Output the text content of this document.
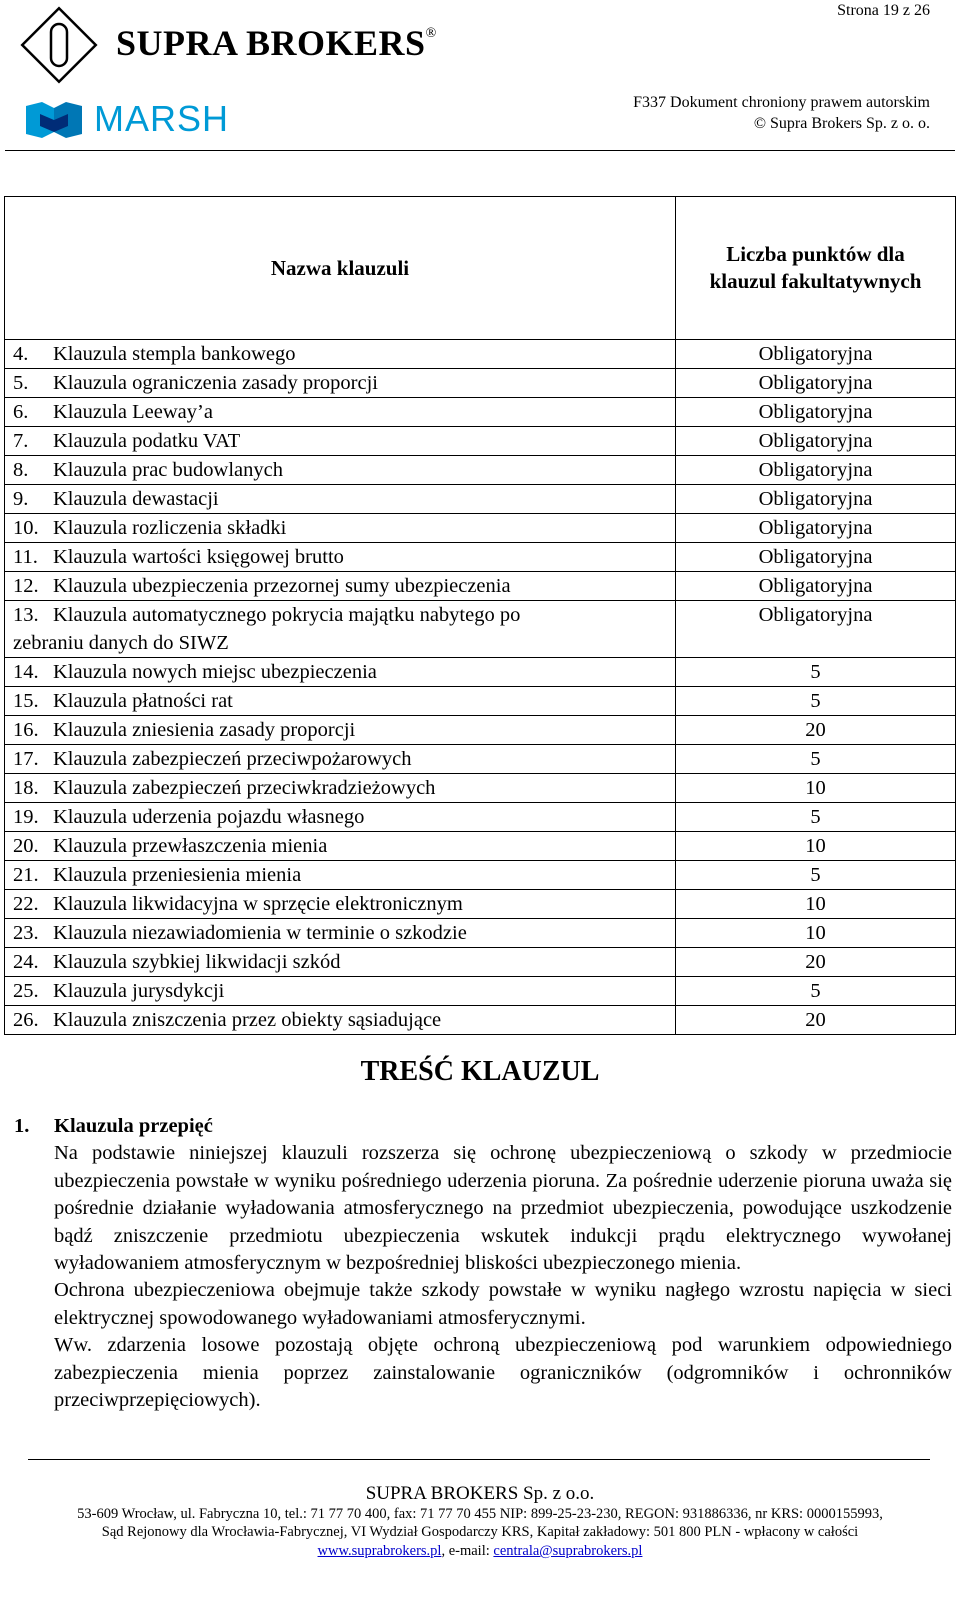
SUPRA BROKERS®
MARSH
Strona 19 z 26
F337 Dokument chroniony prawem autorskim
© Supra Brokers Sp. z o. o.
Nazwa klauzuli	Liczba punktów dla
klauzul fakultatywnych
4. Klauzula stempla bankowego	Obligatoryjna
5. Klauzula ograniczenia zasady proporcji	Obligatoryjna
6. Klauzula Leeway’a	Obligatoryjna
7. Klauzula podatku VAT	Obligatoryjna
8. Klauzula prac budowlanych	Obligatoryjna
9. Klauzula dewastacji	Obligatoryjna
10. Klauzula rozliczenia składki	Obligatoryjna
11. Klauzula wartości księgowej brutto	Obligatoryjna
12. Klauzula ubezpieczenia przezornej sumy ubezpieczenia	Obligatoryjna
13. Klauzula automatycznego pokrycia majątku nabytego po
zebraniu danych do SIWZ	Obligatoryjna
14. Klauzula nowych miejsc ubezpieczenia	5
15. Klauzula płatności rat	5
16. Klauzula zniesienia zasady proporcji	20
17. Klauzula zabezpieczeń przeciwpożarowych	5
18. Klauzula zabezpieczeń przeciwkradzieżowych	10
19. Klauzula uderzenia pojazdu własnego	5
20. Klauzula przewłaszczenia mienia	10
21. Klauzula przeniesienia mienia	5
22. Klauzula likwidacyjna w sprzęcie elektronicznym	10
23. Klauzula niezawiadomienia w terminie o szkodzie	10
24. Klauzula szybkiej likwidacji szkód	20
25. Klauzula jurysdykcji	5
26. Klauzula zniszczenia przez obiekty sąsiadujące	20
TREŚĆ KLAUZUL
1. Klauzula przepięć

Na podstawie niniejszej klauzuli rozszerza się ochronę ubezpieczeniową o szkody w przedmiocie ubezpieczenia powstałe w wyniku pośredniego uderzenia pioruna. Za pośrednie uderzenie pioruna uważa się pośrednie działanie wyładowania atmosferycznego na przedmiot ubezpieczenia, powodujące uszkodzenie bądź zniszczenie przedmiotu ubezpieczenia wskutek indukcji prądu elektrycznego wywołanej wyładowaniem atmosferycznym w bezpośredniej bliskości ubezpieczonego mienia.

Ochrona ubezpieczeniowa obejmuje także szkody powstałe w wyniku nagłego wzrostu napięcia w sieci elektrycznej spowodowanego wyładowaniami atmosferycznymi.

Ww. zdarzenia losowe pozostają objęte ochroną ubezpieczeniową pod warunkiem odpowiedniego zabezpieczenia mienia poprzez zainstalowanie ograniczników (odgromników i ochronników przeciwprzepięciowych).

SUPRA BROKERS Sp. z o.o.
53-609 Wrocław, ul. Fabryczna 10, tel.: 71 77 70 400, fax: 71 77 70 455 NIP: 899-25-23-230, REGON: 931886336, nr KRS: 0000155993,
Sąd Rejonowy dla Wrocławia-Fabrycznej, VI Wydział Gospodarczy KRS, Kapitał zakładowy: 501 800 PLN - wpłacony w całości
www.suprabrokers.pl, e-mail: centrala@suprabrokers.pl
